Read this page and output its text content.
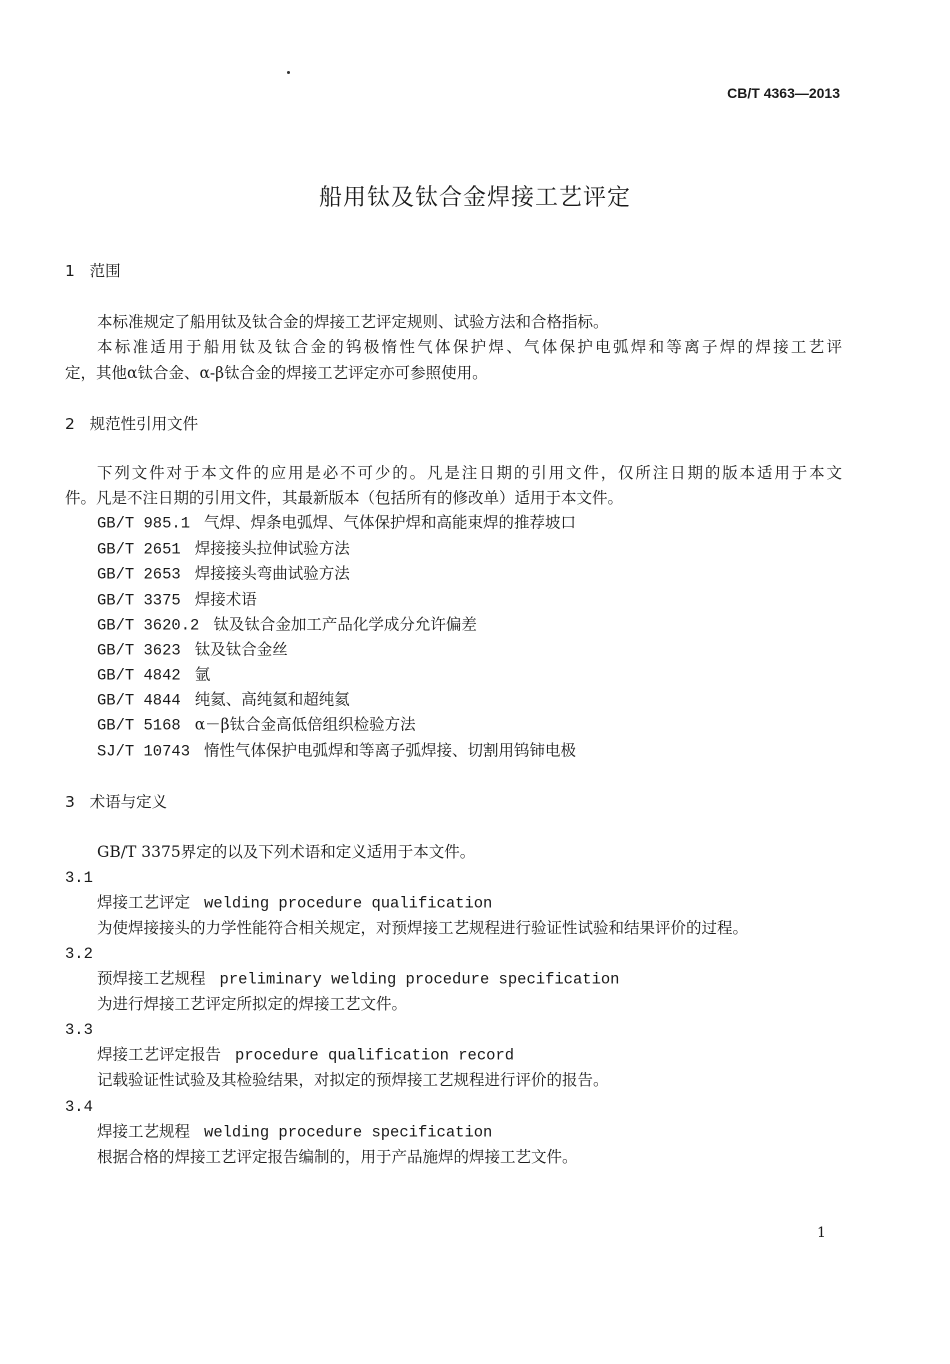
CB/T 4363—2013
船用钛及钛合金焊接工艺评定
1 范围
本标准规定了船用钛及钛合金的焊接工艺评定规则、试验方法和合格指标。
本标准适用于船用钛及钛合金的钨极惰性气体保护焊、气体保护电弧焊和等离子焊的焊接工艺评
定，其他α钛合金、α-β钛合金的焊接工艺评定亦可参照使用。
2 规范性引用文件
下列文件对于本文件的应用是必不可少的。凡是注日期的引用文件，仅所注日期的版本适用于本文
件。凡是不注日期的引用文件，其最新版本（包括所有的修改单）适用于本文件。
GB/T 985.1 气焊、焊条电弧焊、气体保护焊和高能束焊的推荐坡口
GB/T 2651 焊接接头拉伸试验方法
GB/T 2653 焊接接头弯曲试验方法
GB/T 3375 焊接术语
GB/T 3620.2 钛及钛合金加工产品化学成分允许偏差
GB/T 3623 钛及钛合金丝
GB/T 4842 氩
GB/T 4844 纯氦、高纯氦和超纯氦
GB/T 5168 α－β钛合金高低倍组织检验方法
SJ/T 10743 惰性气体保护电弧焊和等离子弧焊接、切割用钨铈电极
3 术语与定义
GB/T 3375界定的以及下列术语和定义适用于本文件。
3.1
焊接工艺评定 welding procedure qualification
为使焊接接头的力学性能符合相关规定，对预焊接工艺规程进行验证性试验和结果评价的过程。
3.2
预焊接工艺规程 preliminary welding procedure specification
为进行焊接工艺评定所拟定的焊接工艺文件。
3.3
焊接工艺评定报告 procedure qualification record
记载验证性试验及其检验结果，对拟定的预焊接工艺规程进行评价的报告。
3.4
焊接工艺规程 welding procedure specification
根据合格的焊接工艺评定报告编制的，用于产品施焊的焊接工艺文件。
1
